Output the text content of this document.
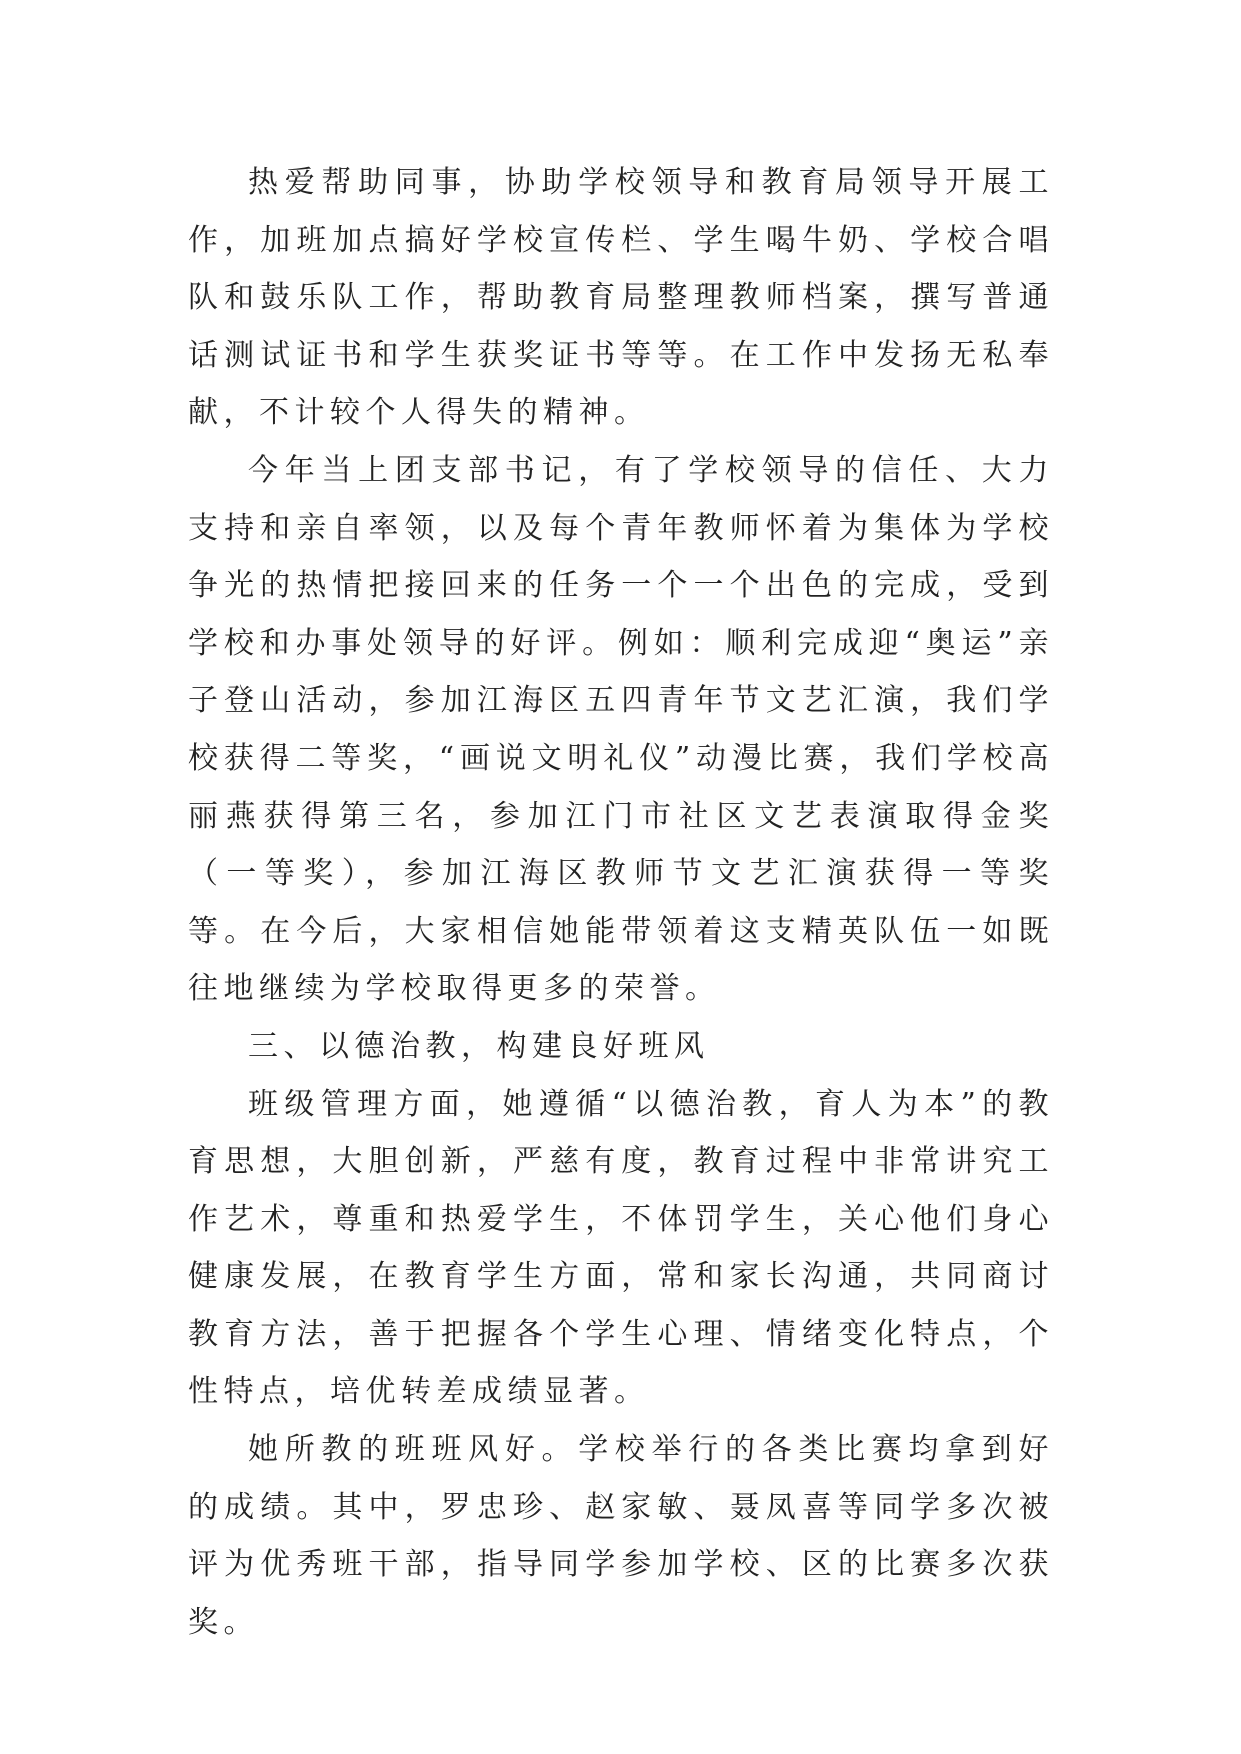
热爱帮助同事，协助学校领导和教育局领导开展工作，加班加点搞好学校宣传栏、学生喝牛奶、学校合唱队和鼓乐队工作，帮助教育局整理教师档案，撰写普通话测试证书和学生获奖证书等等。在工作中发扬无私奉献，不计较个人得失的精神。

今年当上团支部书记，有了学校领导的信任、大力支持和亲自率领，以及每个青年教师怀着为集体为学校争光的热情把接回来的任务一个一个出色的完成，受到学校和办事处领导的好评。例如：顺利完成迎“奥运”亲子登山活动，参加江海区五四青年节文艺汇演，我们学校获得二等奖，“画说文明礼仪”动漫比赛，我们学校高丽燕获得第三名，参加江门市社区文艺表演取得金奖（一等奖），参加江海区教师节文艺汇演获得一等奖等。在今后，大家相信她能带领着这支精英队伍一如既往地继续为学校取得更多的荣誉。

三、以德治教，构建良好班风

班级管理方面，她遵循“以德治教，育人为本”的教育思想，大胆创新，严慈有度，教育过程中非常讲究工作艺术，尊重和热爱学生，不体罚学生，关心他们身心健康发展，在教育学生方面，常和家长沟通，共同商讨教育方法，善于把握各个学生心理、情绪变化特点，个性特点，培优转差成绩显著。

她所教的班班风好。学校举行的各类比赛均拿到好的成绩。其中，罗忠珍、赵家敏、聂凤喜等同学多次被评为优秀班干部，指导同学参加学校、区的比赛多次获奖。
